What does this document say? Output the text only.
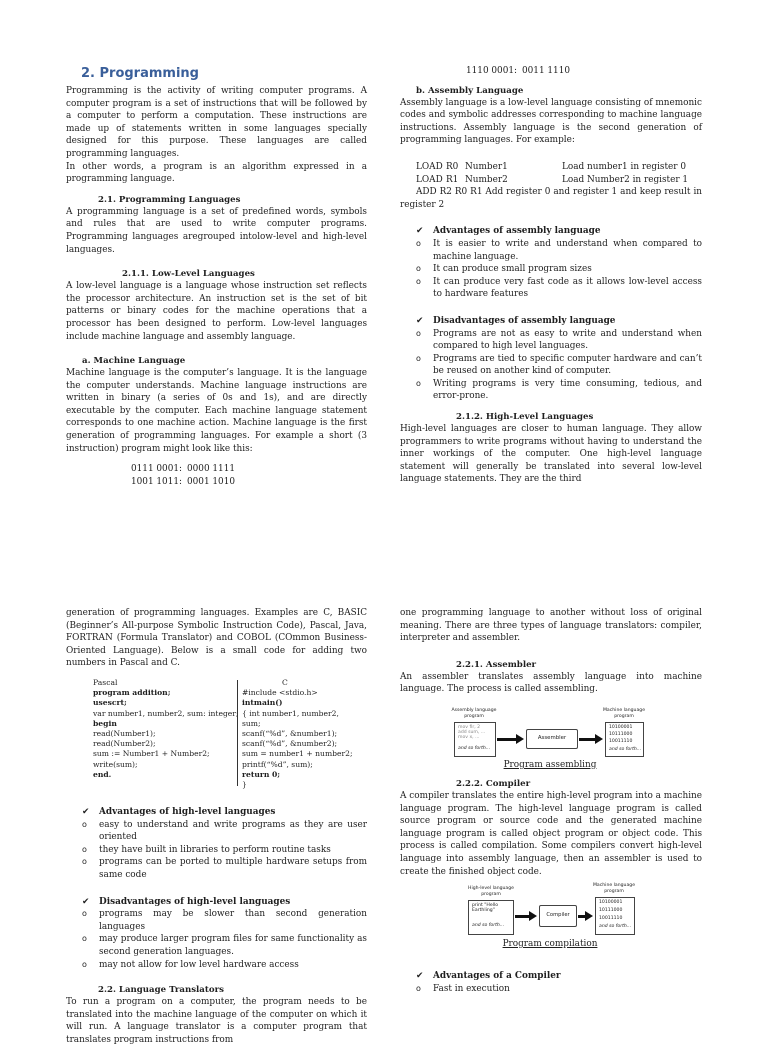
2. Programming

Programming is the activity of writing computer programs. A computer program is a set of instructions that will be followed by a computer to perform a computation. These instructions are made up of statements written in some languages specially designed for this purpose. These languages are called programming languages.

In other words, a program is an algorithm expressed in a programming language.

2.1. Programming Languages

A programming language is a set of predefined words, symbols and rules that are used to write computer programs. Programming languages aregrouped intolow-level and high-level languages.

2.1.1. Low-Level Languages

A low-level language is a language whose instruction set reflects the processor architecture. An instruction set is the set of bit patterns or binary codes for the machine operations that a processor has been designed to perform. Low-level languages include machine language and assembly language.

a. Machine Language

Machine language is the computer’s language. It is the language the computer understands. Machine language instructions are written in binary (a series of 0s and 1s), and are directly executable by the computer. Each machine language statement corresponds to one machine action. Machine language is the first generation of programming languages. For example a short (3 instruction) program might look like this:

0111 0001: 0000 1111
1001 1011: 0001 1010
1110 0001: 0011 1110
b. Assembly Language

Assembly language is a low-level language consisting of mnemonic codes and symbolic addresses corresponding to machine language instructions. Assembly language is the second generation of programming languages. For example:

LOAD R0 Number1	Load number1 in register 0
LOAD R1 Number2	Load Number2 in register 1

ADD R2 R0 R1 Add register 0 and register 1 and keep result in register 2

✔ Advantages of assembly language
o It is easier to write and understand when compared to machine language.
o It can produce small program sizes
o It can produce very fast code as it allows low-level access to hardware features
✔ Disadvantages of assembly language
o Programs are not as easy to write and understand when compared to high level languages.
o Programs are tied to specific computer hardware and can’t be reused on another kind of computer.
o Writing programs is very time consuming, tedious, and error-prone.
2.1.2. High-Level Languages

High-level languages are closer to human language. They allow programmers to write programs without having to understand the inner workings of the computer. One high-level language statement will generally be translated into several low-level language statements. They are the third

generation of programming languages. Examples are C, BASIC (Beginner’s All-purpose Symbolic Instruction Code), Pascal, Java, FORTRAN (Formula Translator) and COBOL (COmmon Business-Oriented Language). Below is a small code for adding two numbers in Pascal and C.

Pascal
program addition;
usescrt;
var number1, number2, sum: integer;
begin
read(Number1);
read(Number2);
sum := Number1 + Number2;
write(sum);
end.
C
#include <stdio.h>
intmain()
{ int number1, number2,
sum;
scanf(“%d”, &number1);
scanf(“%d”, &number2);
sum = number1 + number2;
printf(“%d”, sum);
return 0;
}
✔ Advantages of high-level languages
o easy to understand and write programs as they are user oriented
o they have built in libraries to perform routine tasks
o programs can be ported to multiple hardware setups from same code
✔ Disadvantages of high-level languages
o programs may be slower than second generation languages
o may produce larger program files for same functionality as second generation languages.
o may not allow for low level hardware access
2.2. Language Translators

To run a program on a computer, the program needs to be translated into the machine language of the computer on which it will run. A language translator is a computer program that translates program instructions from

one programming language to another without loss of original meaning. There are three types of language translators: compiler, interpreter and assembler.

2.2.1. Assembler

An assembler translates assembly language into machine language. The process is called assembling.

Assembly language program
mov fir, 2
add sum, ...
mov x, ...
and so forth...
Assembler
Machine language program
10100001
10111000
10011110
and so forth...
Program assembling
2.2.2. Compiler

A compiler translates the entire high-level program into a machine language program. The high-level language program is called source program or source code and the generated machine language program is called object program or object code. This process is called compilation. Some compilers convert high-level language into assembly language, then an assembler is used to create the finished object code.

High-level language program
print "Hello
Earthling"
and so forth...
Compiler
Machine language program
10100001
10111000
10011110
and so forth...
Program compilation
✔ Advantages of a Compiler
o Fast in execution
